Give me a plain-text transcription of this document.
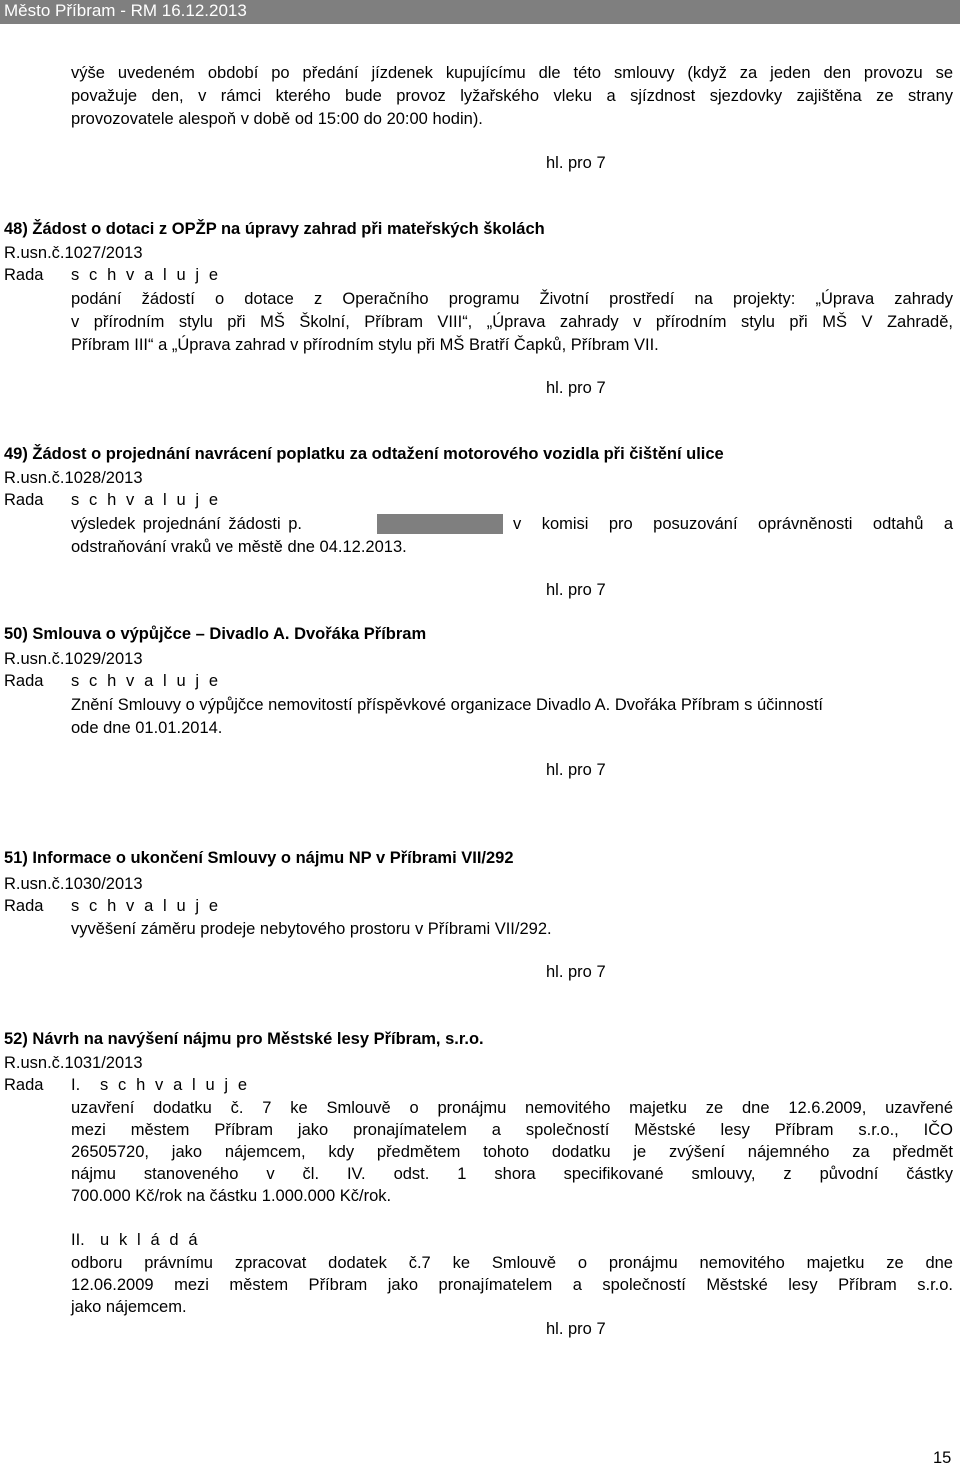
Město Příbram - RM 16.12.2013
výše uvedeném období po předání jízdenek kupujícímu dle této smlouvy (když za jeden den provozu se
považuje den, v rámci kterého bude provoz lyžařského vleku a sjízdnost sjezdovky zajištěna ze strany
provozovatele alespoň v době od 15:00 do 20:00 hodin).
hl. pro 7
48) Žádost o dotaci z OPŽP na úpravy zahrad při mateřských školách
R.usn.č.1027/2013
Rada s c h v a l u j e
podání žádostí o dotace z Operačního programu Životní prostředí na projekty: „Úprava zahrady
v přírodním stylu při MŠ Školní, Příbram VIII“, „Úprava zahrady v přírodním stylu při MŠ V Zahradě,
Příbram III“ a „Úprava zahrad v přírodním stylu při MŠ Bratří Čapků, Příbram VII.
hl. pro 7
49) Žádost o projednání navrácení poplatku za odtažení motorového vozidla při čištění ulice
R.usn.č.1028/2013
Rada s c h v a l u j e
výsledek projednání žádosti p.	v komisi pro posuzování oprávněnosti odtahů a
odstraňování vraků ve městě dne 04.12.2013.
hl. pro 7
50) Smlouva o výpůjčce – Divadlo A. Dvořáka Příbram
R.usn.č.1029/2013
Rada s c h v a l u j e
Znění Smlouvy o výpůjčce nemovitostí příspěvkové organizace Divadlo A. Dvořáka Příbram s účinností
ode dne 01.01.2014.
hl. pro 7
51) Informace o ukončení Smlouvy o nájmu NP v Příbrami VII/292
R.usn.č.1030/2013
Rada s c h v a l u j e
vyvěšení záměru prodeje nebytového prostoru v Příbrami VII/292.
hl. pro 7
52) Návrh na navýšení nájmu pro Městské lesy Příbram, s.r.o.
R.usn.č.1031/2013
Rada I. s c h v a l u j e
uzavření dodatku č. 7 ke Smlouvě o pronájmu nemovitého majetku ze dne 12.6.2009, uzavřené
mezi městem Příbram jako pronajímatelem a společností Městské lesy Příbram s.r.o., IČO
26505720, jako nájemcem, kdy předmětem tohoto dodatku je zvýšení nájemného za předmět
nájmu stanoveného v čl. IV. odst. 1 shora specifikované smlouvy, z původní částky
700.000 Kč/rok na částku 1.000.000 Kč/rok.
II. u k l á d á
odboru právnímu zpracovat dodatek č.7 ke Smlouvě o pronájmu nemovitého majetku ze dne
12.06.2009 mezi městem Příbram jako pronajímatelem a společností Městské lesy Příbram s.r.o.
jako nájemcem.
hl. pro 7
15
